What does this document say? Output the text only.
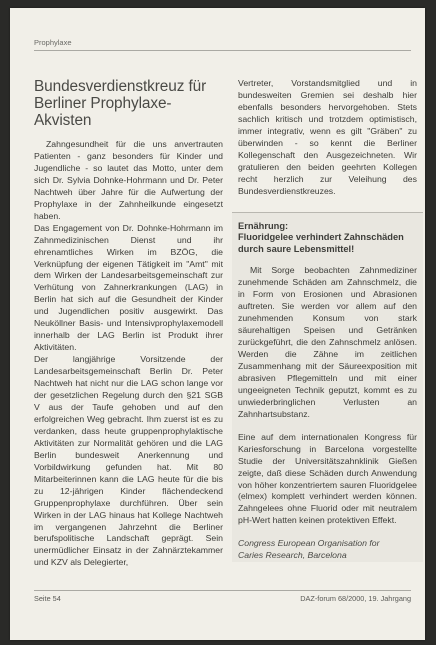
Prophylaxe
Bundesverdienstkreuz für
Berliner Prophylaxe-Akvisten

Zahngesundheit für die uns anvertrauten Patienten - ganz besonders für Kinder und Jugendliche - so lautet das Motto, unter dem sich Dr. Sylvia Dohnke-Hohrmann und Dr. Peter Nachtweh über Jahre für die Aufwertung der Prophylaxe in der Zahnheilkunde eingesetzt haben.

Das Engagement von Dr. Dohnke-Hohrmann im Zahnmedizinischen Dienst und ihr ehrenamtliches Wirken im BZÖG, die Verknüpfung der eigenen Tätigkeit im "Amt" mit dem Wirken der Landesarbeitsgemeinschaft zur Verhütung von Zahnerkrankungen (LAG) in Berlin hat sich auf die Gesundheit der Kinder und Jugendlichen positiv ausgewirkt. Das Neuköllner Basis- und Intensivprophylaxemodell innerhalb der LAG Berlin ist Produkt ihrer Aktivitäten.

Der langjährige Vorsitzende der Landesarbeitsgemeinschaft Berlin Dr. Peter Nachtweh hat nicht nur die LAG schon lange vor der gesetzlichen Regelung durch den §21 SGB V aus der Taufe gehoben und auf den erfolgreichen Weg gebracht. Ihm zuerst ist es zu verdanken, dass heute gruppenprophylaktische Aktivitäten zur Normalität gehören und die LAG Berlin bundesweit Anerkennung und Vorbildwirkung gefunden hat. Mit 80 Mitarbeiterinnen kann die LAG heute für die bis zu 12-jährigen Kinder flächendeckend Gruppenprophylaxe durchführen. Über sein Wirken in der LAG hinaus hat Kollege Nachtweh im vergangenen Jahrzehnt die Berliner berufspolitische Landschaft geprägt. Sein unermüdlicher Einsatz in der Zahnärztekammer und KZV als Delegierter,

Vertreter, Vorstandsmitglied und in bundesweiten Gremien sei deshalb hier ebenfalls besonders hervorgehoben. Stets sachlich kritisch und trotzdem optimistisch, immer integrativ, wenn es gilt "Gräben" zu überwinden - so kennt die Berliner Kollegenschaft den Ausgezeichneten. Wir gratulieren den beiden geehrten Kollegen recht herzlich zur Veleihung des Bundesverdienstkreuzes.

Ernährung:
Fluoridgelee verhindert Zahnschäden durch saure Lebensmittel!

Mit Sorge beobachten Zahnmediziner zunehmende Schäden am Zahnschmelz, die in Form von Erosionen und Abrasionen auftreten. Sie werden vor allem auf den zunehmenden Konsum von stark säurehaltigen Speisen und Getränken zurückgeführt, die den Zahnschmelz anlösen. Werden die Zähne im zeitlichen Zusammenhang mit der Säureexposition mit abrasiven Pflegemitteln und mit einer ungeeigneten Technik geputzt, kommt es zu unwiederbringlichen Verlusten an Zahnhartsubstanz.

Eine auf dem internationalen Kongress für Kariesforschung in Barcelona vorgestellte Studie der Universitätszahnklinik Gießen zeigte, daß diese Schäden durch Anwendung von höher konzentriertem sauren Fluoridgelee (elmex) komplett verhindert werden können. Zahngelees ohne Fluorid oder mit neutralem pH-Wert hatten keinen protektiven Effekt.

Congress European Organisation for
Caries Research, Barcelona
Seite 54	DAZ-forum 68/2000, 19. Jahrgang
